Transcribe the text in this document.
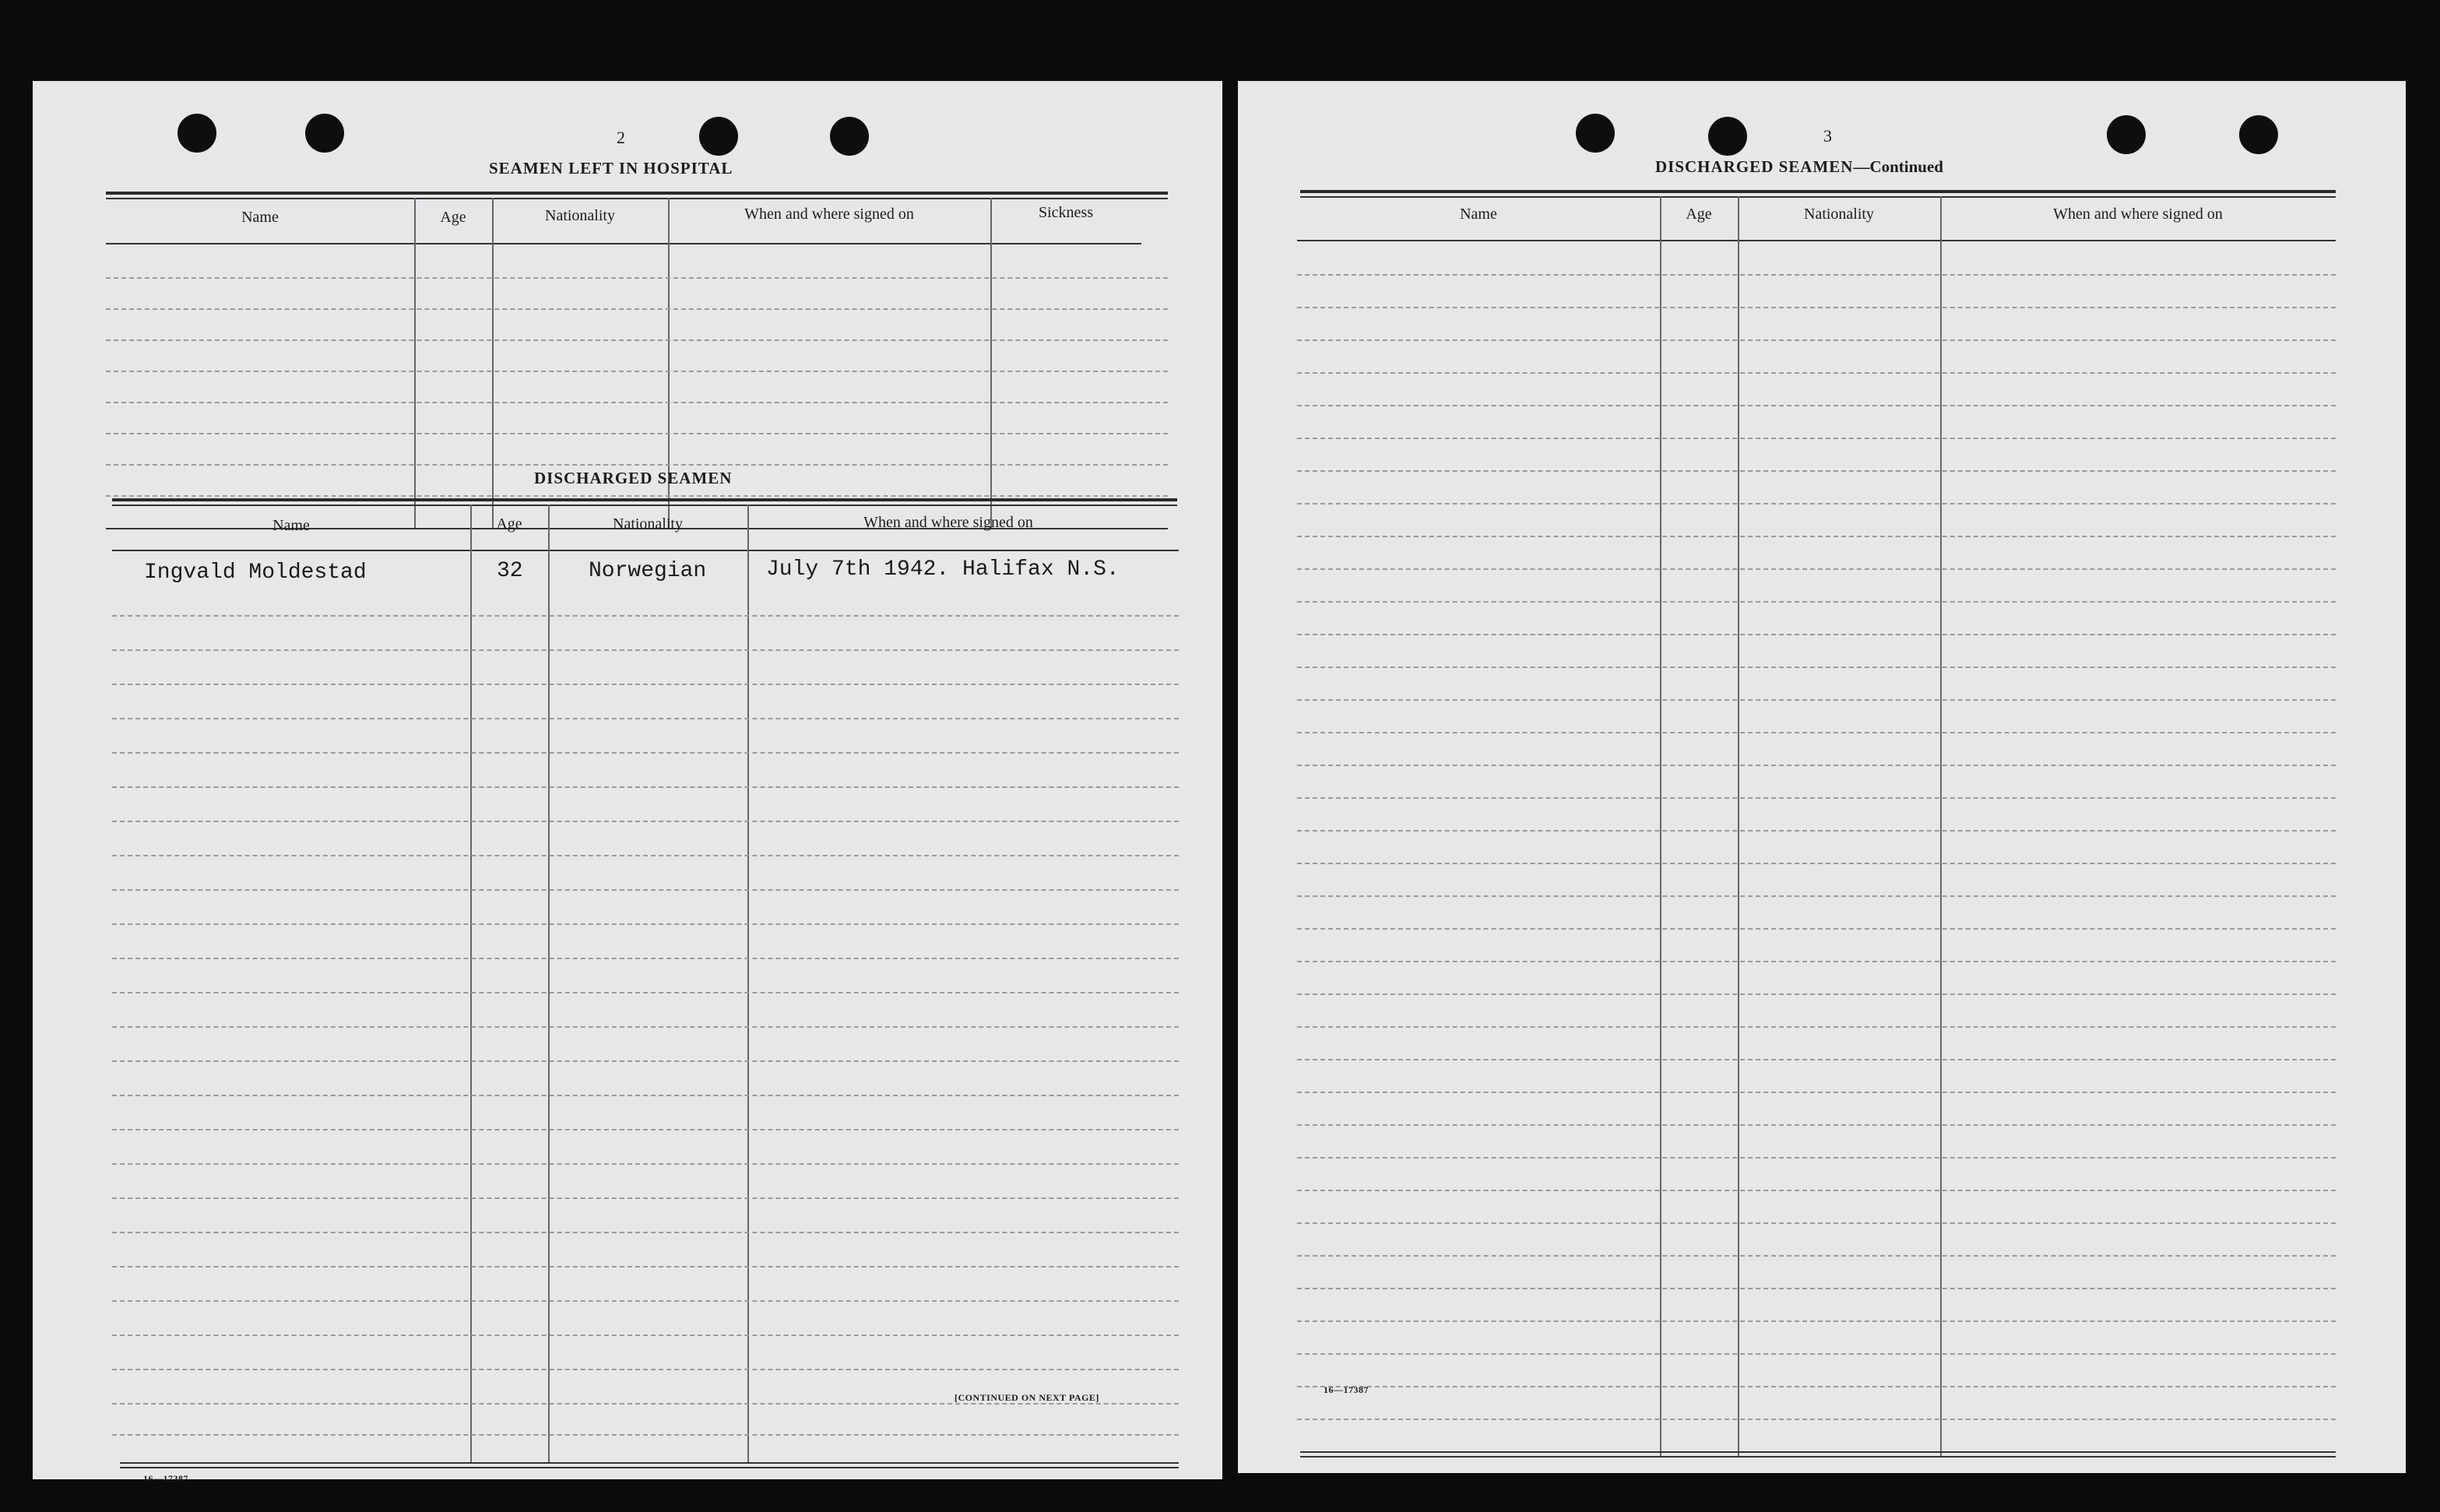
2
SEAMEN LEFT IN HOSPITAL
Name	Age	Nationality	When and where signed on	Sickness
DISCHARGED SEAMEN
Name	Age	Nationality	When and where signed on
Ingvald Moldestad	32	Norwegian	July 7th 1942. Halifax N.S.
16—17387
[CONTINUED ON NEXT PAGE]
3
DISCHARGED SEAMEN—Continued
Name	Age	Nationality	When and where signed on
16—17387
